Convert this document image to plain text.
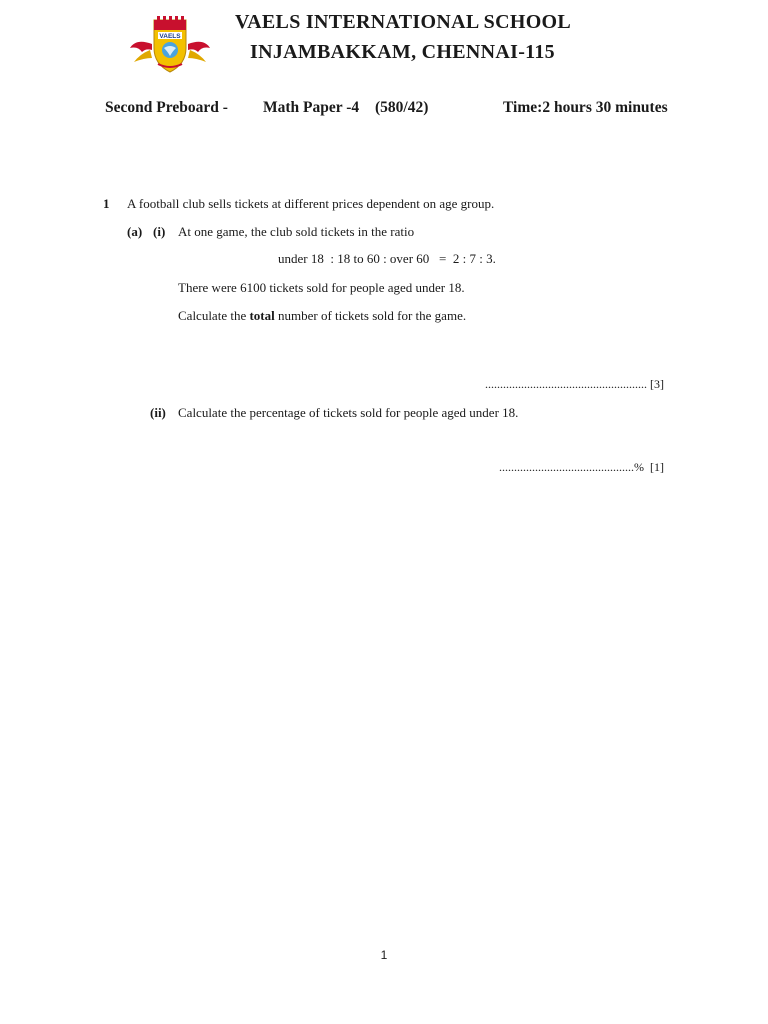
VAELS
VAELS INTERNATIONAL SCHOOL
INJAMBAKKAM, CHENNAI-115
Second Preboard - Math Paper -4 (580/42)	Time:2 hours 30 minutes
1 A football club sells tickets at different prices dependent on age group.
(a) (i) At one game, the club sold tickets in the ratio
under 18  : 18 to 60 : over 60   =  2 : 7 : 3.
There were 6100 tickets sold for people aged under 18.
Calculate the total number of tickets sold for the game.
...................................................... [3]
(ii) Calculate the percentage of tickets sold for people aged under 18.
.............................................%  [1]
1
